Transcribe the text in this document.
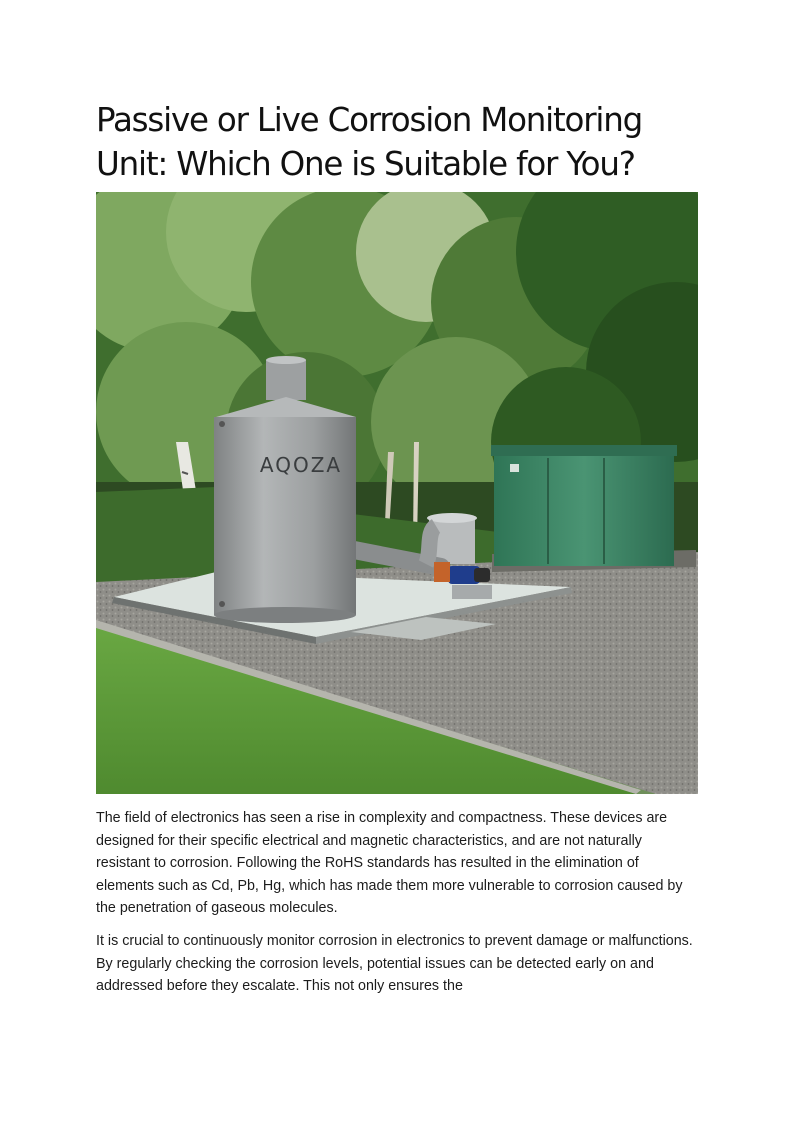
Passive or Live Corrosion Monitoring Unit: Which One is Suitable for You?
AQOZA

The field of electronics has seen a rise in complexity and compactness. These devices are designed for their specific electrical and magnetic characteristics, and are not naturally resistant to corrosion. Following the RoHS standards has resulted in the elimination of elements such as Cd, Pb, Hg, which has made them more vulnerable to corrosion caused by the penetration of gaseous molecules.

It is crucial to continuously monitor corrosion in electronics to prevent damage or malfunctions. By regularly checking the corrosion levels, potential issues can be detected early on and addressed before they escalate. This not only ensures the
